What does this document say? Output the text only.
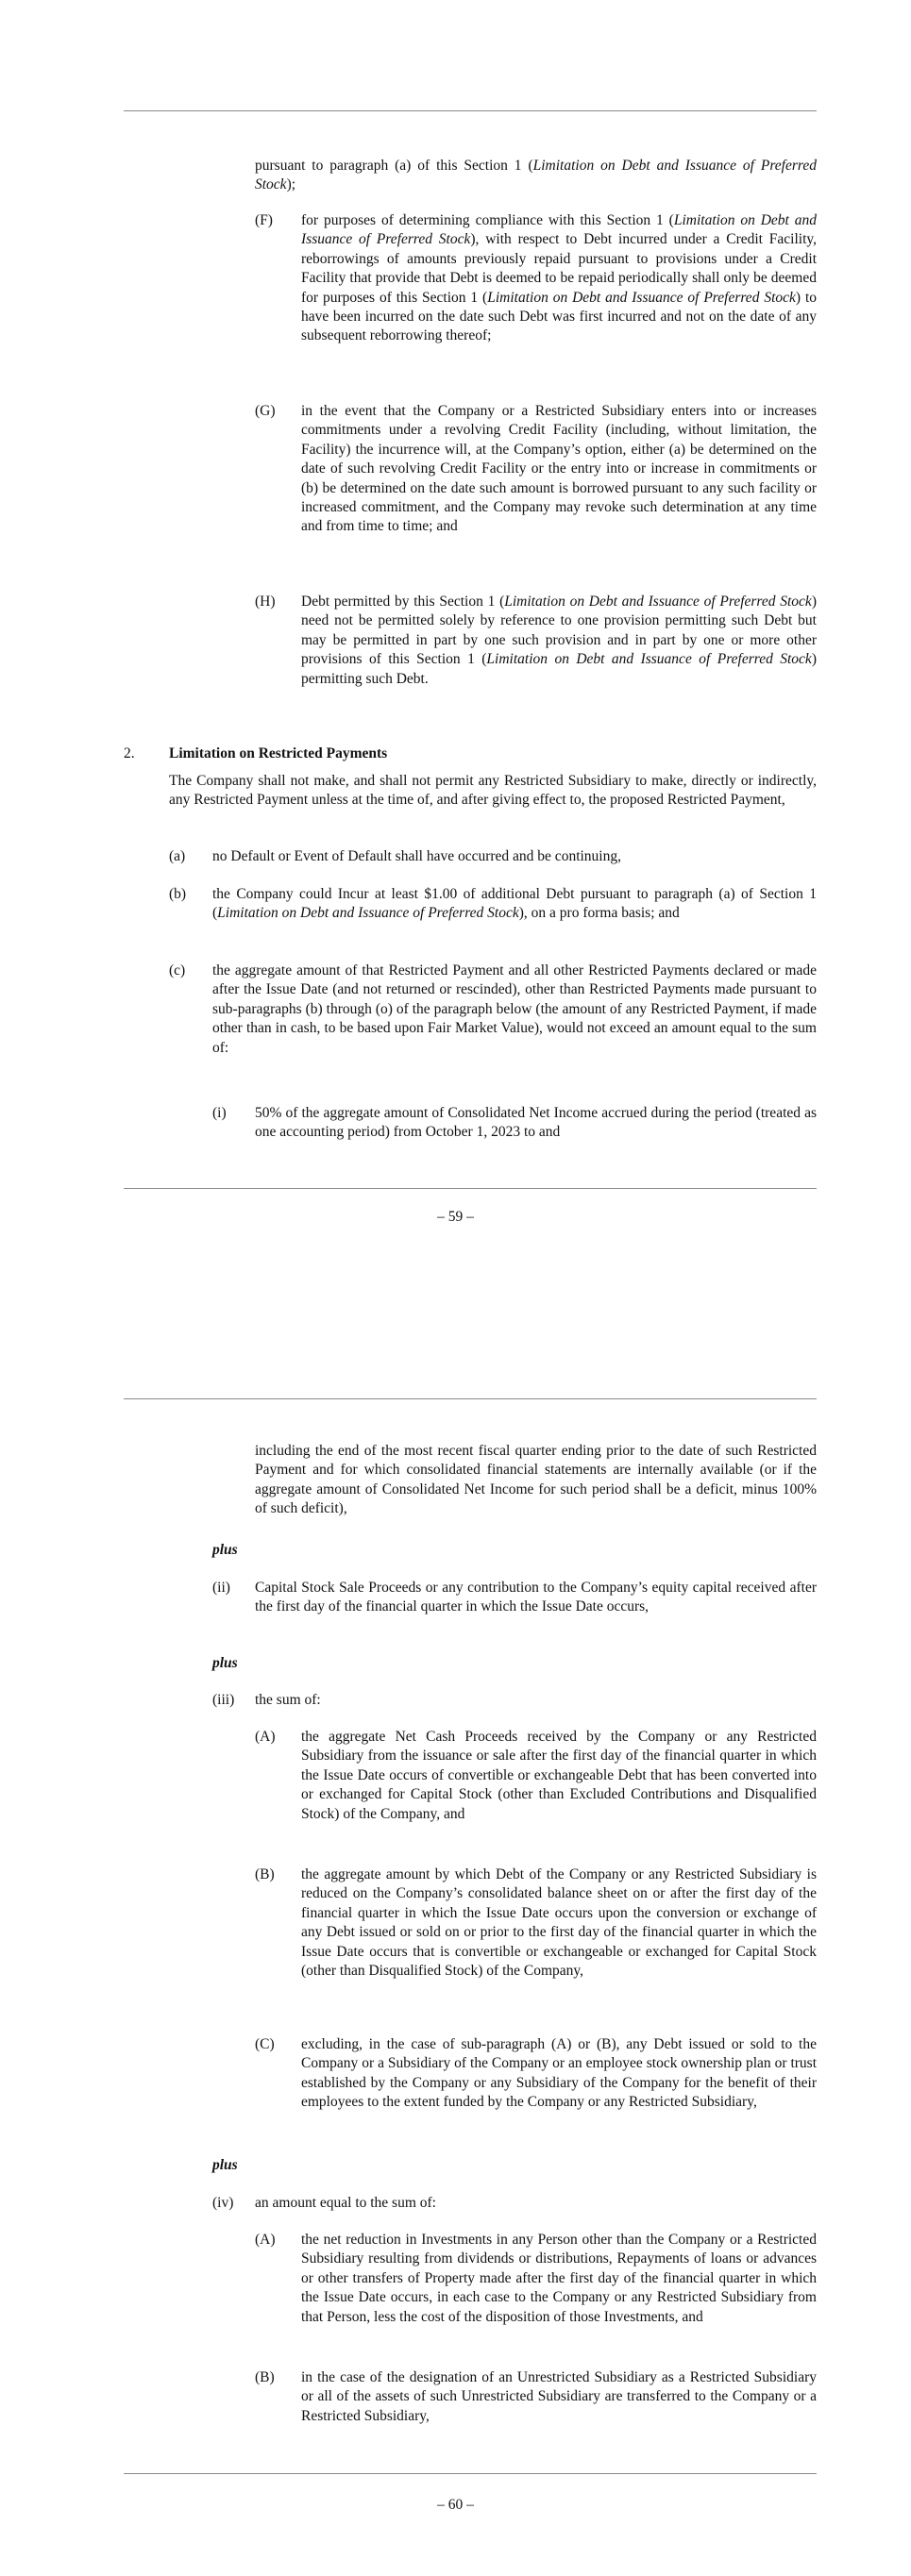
pursuant to paragraph (a) of this Section 1 (Limitation on Debt and Issuance of Preferred Stock);

(F) for purposes of determining compliance with this Section 1 (Limitation on Debt and Issuance of Preferred Stock), with respect to Debt incurred under a Credit Facility, reborrowings of amounts previously repaid pursuant to provisions under a Credit Facility that provide that Debt is deemed to be repaid periodically shall only be deemed for purposes of this Section 1 (Limitation on Debt and Issuance of Preferred Stock) to have been incurred on the date such Debt was first incurred and not on the date of any subsequent reborrowing thereof;

(G) in the event that the Company or a Restricted Subsidiary enters into or increases commitments under a revolving Credit Facility (including, without limitation, the Facility) the incurrence will, at the Company’s option, either (a) be determined on the date of such revolving Credit Facility or the entry into or increase in commitments or (b) be determined on the date such amount is borrowed pursuant to any such facility or increased commitment, and the Company may revoke such determination at any time and from time to time; and

(H) Debt permitted by this Section 1 (Limitation on Debt and Issuance of Preferred Stock) need not be permitted solely by reference to one provision permitting such Debt but may be permitted in part by one such provision and in part by one or more other provisions of this Section 1 (Limitation on Debt and Issuance of Preferred Stock) permitting such Debt.

2. Limitation on Restricted Payments

The Company shall not make, and shall not permit any Restricted Subsidiary to make, directly or indirectly, any Restricted Payment unless at the time of, and after giving effect to, the proposed Restricted Payment,

(a) no Default or Event of Default shall have occurred and be continuing,

(b) the Company could Incur at least $1.00 of additional Debt pursuant to paragraph (a) of Section 1 (Limitation on Debt and Issuance of Preferred Stock), on a pro forma basis; and

(c) the aggregate amount of that Restricted Payment and all other Restricted Payments declared or made after the Issue Date (and not returned or rescinded), other than Restricted Payments made pursuant to sub-paragraphs (b) through (o) of the paragraph below (the amount of any Restricted Payment, if made other than in cash, to be based upon Fair Market Value), would not exceed an amount equal to the sum of:

(i) 50% of the aggregate amount of Consolidated Net Income accrued during the period (treated as one accounting period) from October 1, 2023 to and

– 59 –

including the end of the most recent fiscal quarter ending prior to the date of such Restricted Payment and for which consolidated financial statements are internally available (or if the aggregate amount of Consolidated Net Income for such period shall be a deficit, minus 100% of such deficit),

plus
(ii) Capital Stock Sale Proceeds or any contribution to the Company’s equity capital received after the first day of the financial quarter in which the Issue Date occurs,

plus
(iii) the sum of:

(A) the aggregate Net Cash Proceeds received by the Company or any Restricted Subsidiary from the issuance or sale after the first day of the financial quarter in which the Issue Date occurs of convertible or exchangeable Debt that has been converted into or exchanged for Capital Stock (other than Excluded Contributions and Disqualified Stock) of the Company, and

(B) the aggregate amount by which Debt of the Company or any Restricted Subsidiary is reduced on the Company’s consolidated balance sheet on or after the first day of the financial quarter in which the Issue Date occurs upon the conversion or exchange of any Debt issued or sold on or prior to the first day of the financial quarter in which the Issue Date occurs that is convertible or exchangeable or exchanged for Capital Stock (other than Disqualified Stock) of the Company,

(C) excluding, in the case of sub-paragraph (A) or (B), any Debt issued or sold to the Company or a Subsidiary of the Company or an employee stock ownership plan or trust established by the Company or any Subsidiary of the Company for the benefit of their employees to the extent funded by the Company or any Restricted Subsidiary,

plus
(iv) an amount equal to the sum of:

(A) the net reduction in Investments in any Person other than the Company or a Restricted Subsidiary resulting from dividends or distributions, Repayments of loans or advances or other transfers of Property made after the first day of the financial quarter in which the Issue Date occurs, in each case to the Company or any Restricted Subsidiary from that Person, less the cost of the disposition of those Investments, and

(B) in the case of the designation of an Unrestricted Subsidiary as a Restricted Subsidiary or all of the assets of such Unrestricted Subsidiary are transferred to the Company or a Restricted Subsidiary,

– 60 –
